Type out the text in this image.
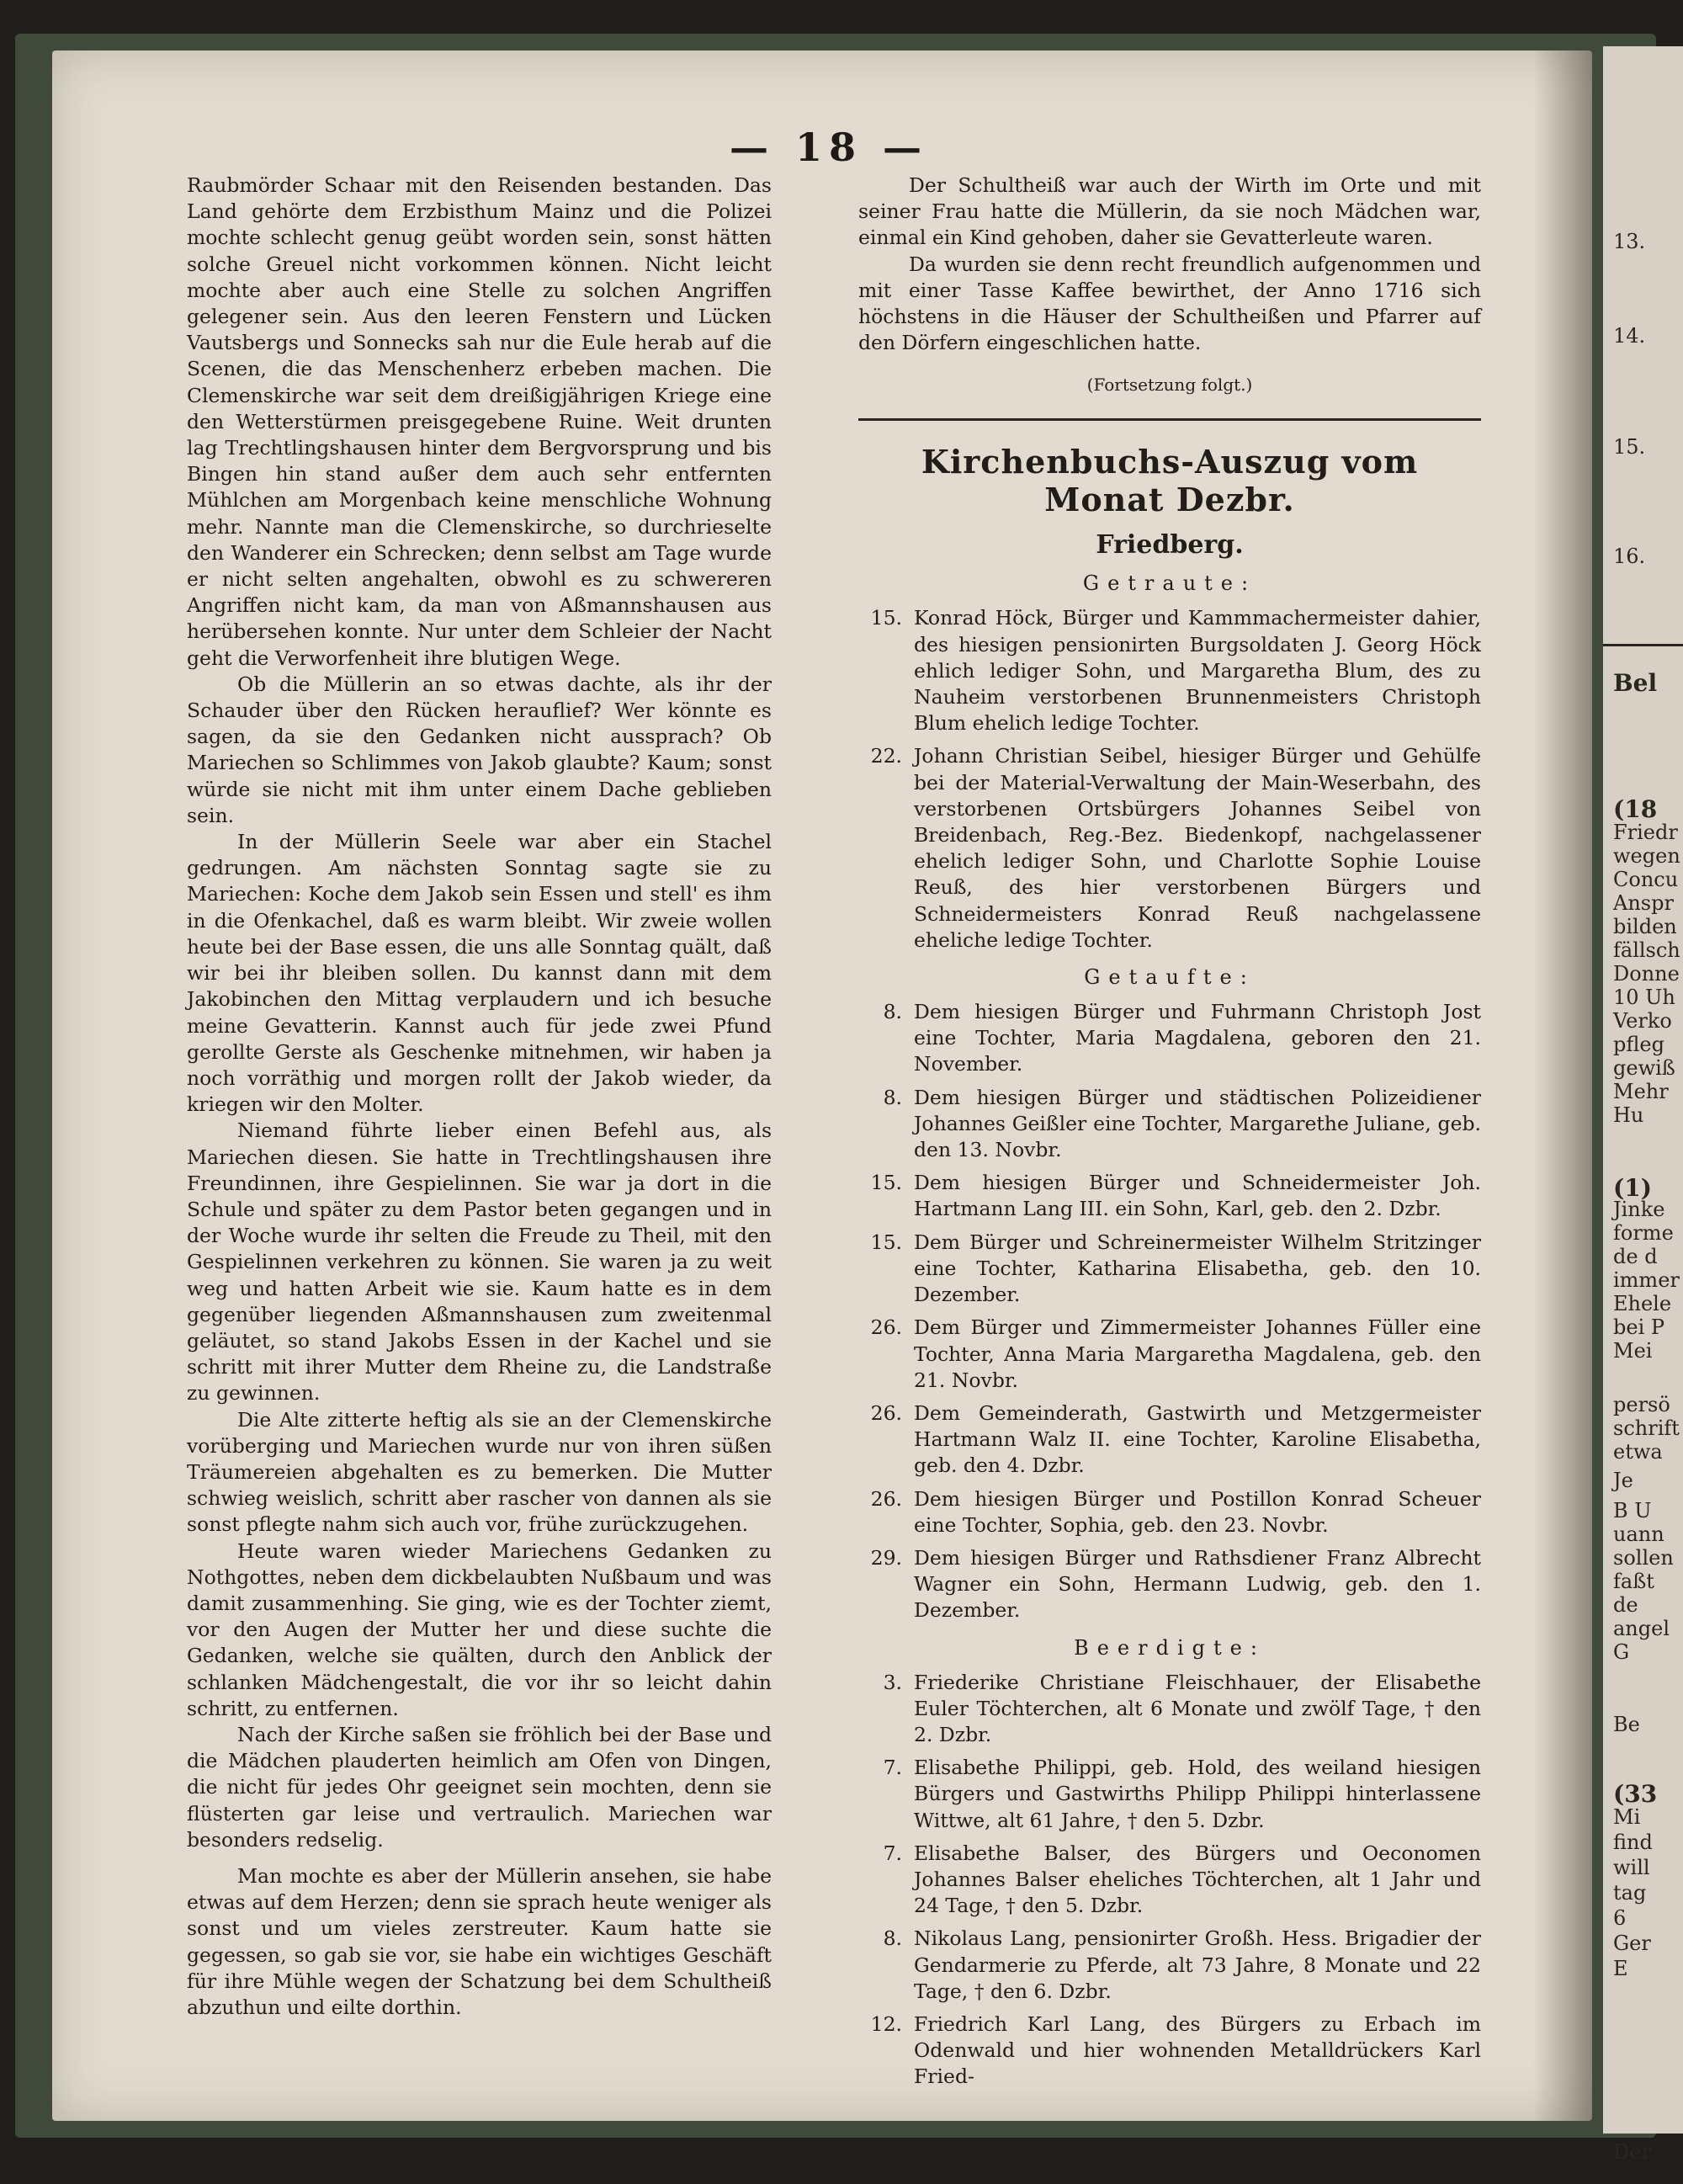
— 18 —

Raubmörder Schaar mit den Reisenden bestanden. Das Land gehörte dem Erzbisthum Mainz und die Polizei mochte schlecht genug geübt worden sein, sonst hätten solche Greuel nicht vorkommen können. Nicht leicht mochte aber auch eine Stelle zu solchen Angriffen gelegener sein. Aus den leeren Fenstern und Lücken Vautsbergs und Sonnecks sah nur die Eule herab auf die Scenen, die das Menschenherz erbeben machen. Die Clemenskirche war seit dem dreißigjährigen Kriege eine den Wetterstürmen preisgegebene Ruine. Weit drunten lag Trechtlingshausen hinter dem Bergvorsprung und bis Bingen hin stand außer dem auch sehr entfernten Mühlchen am Morgenbach keine menschliche Wohnung mehr. Nannte man die Clemenskirche, so durchrieselte den Wanderer ein Schrecken; denn selbst am Tage wurde er nicht selten angehalten, obwohl es zu schwereren Angriffen nicht kam, da man von Aßmannshausen aus herübersehen konnte. Nur unter dem Schleier der Nacht geht die Verworfenheit ihre blutigen Wege.

Ob die Müllerin an so etwas dachte, als ihr der Schauder über den Rücken herauflief? Wer könnte es sagen, da sie den Gedanken nicht aussprach? Ob Mariechen so Schlimmes von Jakob glaubte? Kaum; sonst würde sie nicht mit ihm unter einem Dache geblieben sein.

In der Müllerin Seele war aber ein Stachel gedrungen. Am nächsten Sonntag sagte sie zu Mariechen: Koche dem Jakob sein Essen und stell' es ihm in die Ofenkachel, daß es warm bleibt. Wir zweie wollen heute bei der Base essen, die uns alle Sonntag quält, daß wir bei ihr bleiben sollen. Du kannst dann mit dem Jakobinchen den Mittag verplaudern und ich besuche meine Gevatterin. Kannst auch für jede zwei Pfund gerollte Gerste als Geschenke mitnehmen, wir haben ja noch vorräthig und morgen rollt der Jakob wieder, da kriegen wir den Molter.

Niemand führte lieber einen Befehl aus, als Mariechen diesen. Sie hatte in Trechtlingshausen ihre Freundinnen, ihre Gespielinnen. Sie war ja dort in die Schule und später zu dem Pastor beten gegangen und in der Woche wurde ihr selten die Freude zu Theil, mit den Gespielinnen verkehren zu können. Sie waren ja zu weit weg und hatten Arbeit wie sie. Kaum hatte es in dem gegenüber liegenden Aßmannshausen zum zweitenmal geläutet, so stand Jakobs Essen in der Kachel und sie schritt mit ihrer Mutter dem Rheine zu, die Landstraße zu gewinnen.

Die Alte zitterte heftig als sie an der Clemenskirche vorüberging und Mariechen wurde nur von ihren süßen Träumereien abgehalten es zu bemerken. Die Mutter schwieg weislich, schritt aber rascher von dannen als sie sonst pflegte nahm sich auch vor, frühe zurückzugehen.

Heute waren wieder Mariechens Gedanken zu Nothgottes, neben dem dickbelaubten Nußbaum und was damit zusammenhing. Sie ging, wie es der Tochter ziemt, vor den Augen der Mutter her und diese suchte die Gedanken, welche sie quälten, durch den Anblick der schlanken Mädchengestalt, die vor ihr so leicht dahin schritt, zu entfernen.

Nach der Kirche saßen sie fröhlich bei der Base und die Mädchen plauderten heimlich am Ofen von Dingen, die nicht für jedes Ohr geeignet sein mochten, denn sie flüsterten gar leise und vertraulich. Mariechen war besonders redselig.

Man mochte es aber der Müllerin ansehen, sie habe etwas auf dem Herzen; denn sie sprach heute weniger als sonst und um vieles zerstreuter. Kaum hatte sie gegessen, so gab sie vor, sie habe ein wichtiges Geschäft für ihre Mühle wegen der Schatzung bei dem Schultheiß abzuthun und eilte dorthin.

Der Schultheiß war auch der Wirth im Orte und mit seiner Frau hatte die Müllerin, da sie noch Mädchen war, einmal ein Kind gehoben, daher sie Gevatterleute waren.

Da wurden sie denn recht freundlich aufgenommen und mit einer Tasse Kaffee bewirthet, der Anno 1716 sich höchstens in die Häuser der Schultheißen und Pfarrer auf den Dörfern eingeschlichen hatte.

(Fortsetzung folgt.)
Kirchenbuchs-Auszug vom Monat Dezbr.
Friedberg.
Getraute:
15. Konrad Höck, Bürger und Kammmachermeister dahier, des hiesigen pensionirten Burgsoldaten J. Georg Höck ehlich lediger Sohn, und Margaretha Blum, des zu Nauheim verstorbenen Brunnenmeisters Christoph Blum ehelich ledige Tochter.
22. Johann Christian Seibel, hiesiger Bürger und Gehülfe bei der Material-Verwaltung der Main-Weserbahn, des verstorbenen Ortsbürgers Johannes Seibel von Breidenbach, Reg.-Bez. Biedenkopf, nachgelassener ehelich lediger Sohn, und Charlotte Sophie Louise Reuß, des hier verstorbenen Bürgers und Schneidermeisters Konrad Reuß nachgelassene eheliche ledige Tochter.
Getaufte:
8. Dem hiesigen Bürger und Fuhrmann Christoph Jost eine Tochter, Maria Magdalena, geboren den 21. November.
8. Dem hiesigen Bürger und städtischen Polizeidiener Johannes Geißler eine Tochter, Margarethe Juliane, geb. den 13. Novbr.
15. Dem hiesigen Bürger und Schneidermeister Joh. Hartmann Lang III. ein Sohn, Karl, geb. den 2. Dzbr.
15. Dem Bürger und Schreinermeister Wilhelm Stritzinger eine Tochter, Katharina Elisabetha, geb. den 10. Dezember.
26. Dem Bürger und Zimmermeister Johannes Füller eine Tochter, Anna Maria Margaretha Magdalena, geb. den 21. Novbr.
26. Dem Gemeinderath, Gastwirth und Metzgermeister Hartmann Walz II. eine Tochter, Karoline Elisabetha, geb. den 4. Dzbr.
26. Dem hiesigen Bürger und Postillon Konrad Scheuer eine Tochter, Sophia, geb. den 23. Novbr.
29. Dem hiesigen Bürger und Rathsdiener Franz Albrecht Wagner ein Sohn, Hermann Ludwig, geb. den 1. Dezember.
Beerdigte:
3. Friederike Christiane Fleischhauer, der Elisabethe Euler Töchterchen, alt 6 Monate und zwölf Tage, † den 2. Dzbr.
7. Elisabethe Philippi, geb. Hold, des weiland hiesigen Bürgers und Gastwirths Philipp Philippi hinterlassene Wittwe, alt 61 Jahre, † den 5. Dzbr.
7. Elisabethe Balser, des Bürgers und Oeconomen Johannes Balser eheliches Töchterchen, alt 1 Jahr und 24 Tage, † den 5. Dzbr.
8. Nikolaus Lang, pensionirter Großh. Hess. Brigadier der Gendarmerie zu Pferde, alt 73 Jahre, 8 Monate und 22 Tage, † den 6. Dzbr.
12. Friedrich Karl Lang, des Bürgers zu Erbach im Odenwald und hier wohnenden Metalldrückers Karl Fried-
13.
14.
15.
16.
Bel
(18
Friedr
wegen
Concu
Anspr
bilden
fällsch
Donne
10 Uh
Verko
pfleg
gewiß
Mehr
Hu
(1)
Jinke
forme
de d
immer
Ehele
bei P
Mei
persö
schrift
etwa
Je
B U
uann
sollen
faßt
de
angel
G
Be
(33
Mi
find
will
tag
6
Ger
E
Der
